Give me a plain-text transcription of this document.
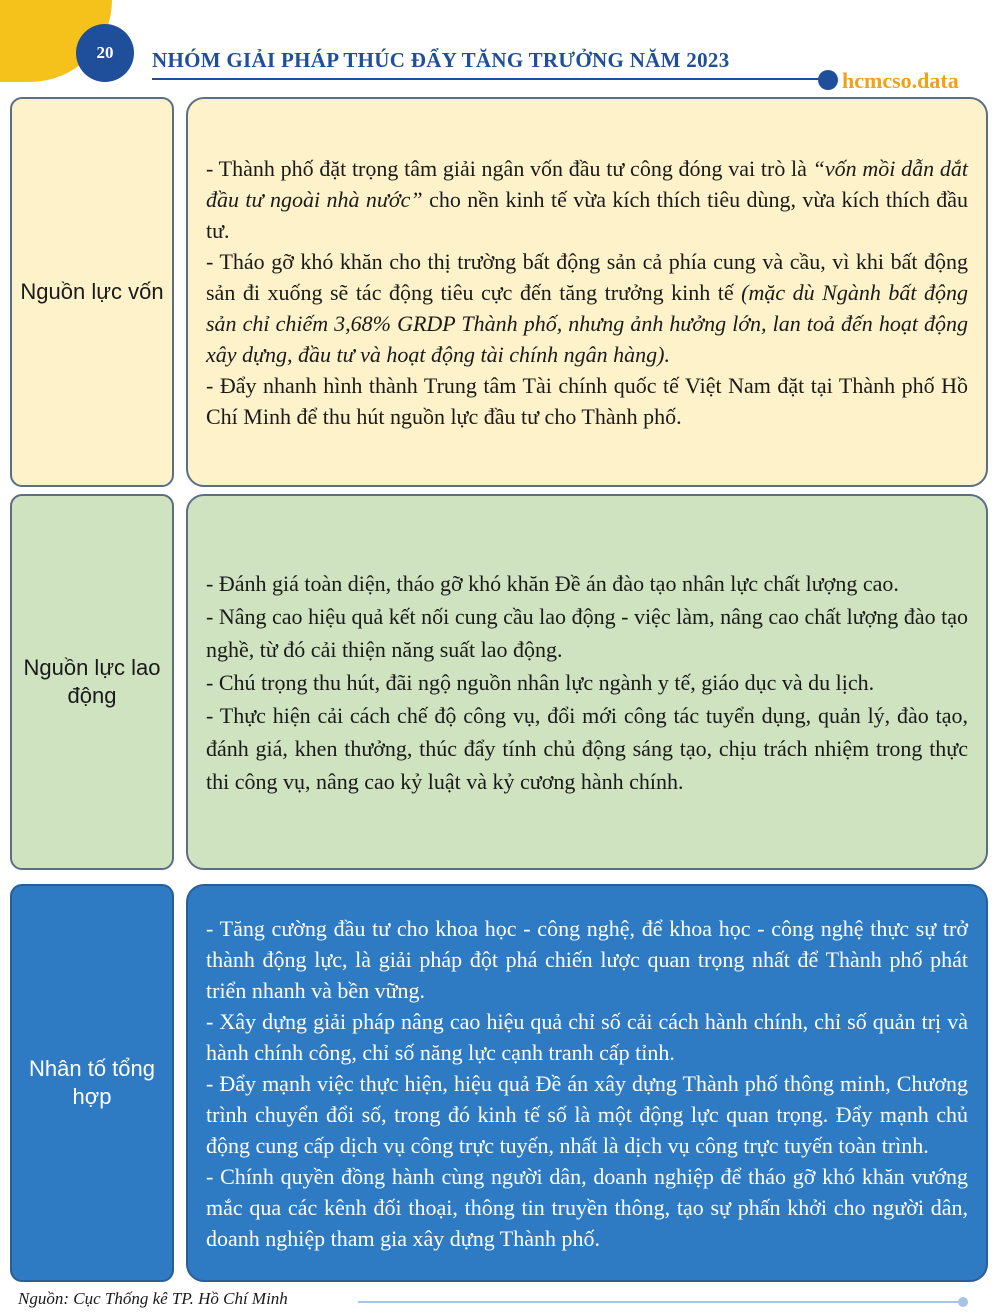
20 NHÓM GIẢI PHÁP THÚC ĐẨY TĂNG TRƯỞNG NĂM 2023
hcmcso.data
Nguồn lực vốn

- Thành phố đặt trọng tâm giải ngân vốn đầu tư công đóng vai trò là “vốn mồi dẫn dắt đầu tư ngoài nhà nước” cho nền kinh tế vừa kích thích tiêu dùng, vừa kích thích đầu tư.

- Tháo gỡ khó khăn cho thị trường bất động sản cả phía cung và cầu, vì khi bất động sản đi xuống sẽ tác động tiêu cực đến tăng trưởng kinh tế (mặc dù Ngành bất động sản chỉ chiếm 3,68% GRDP Thành phố, nhưng ảnh hưởng lớn, lan toả đến hoạt động xây dựng, đầu tư và hoạt động tài chính ngân hàng).

- Đẩy nhanh hình thành Trung tâm Tài chính quốc tế Việt Nam đặt tại Thành phố Hồ Chí Minh để thu hút nguồn lực đầu tư cho Thành phố.

Nguồn lực lao động

- Đánh giá toàn diện, tháo gỡ khó khăn Đề án đào tạo nhân lực chất lượng cao.

- Nâng cao hiệu quả kết nối cung cầu lao động - việc làm, nâng cao chất lượng đào tạo nghề, từ đó cải thiện năng suất lao động.

- Chú trọng thu hút, đãi ngộ nguồn nhân lực ngành y tế, giáo dục và du lịch.

- Thực hiện cải cách chế độ công vụ, đổi mới công tác tuyển dụng, quản lý, đào tạo, đánh giá, khen thưởng, thúc đẩy tính chủ động sáng tạo, chịu trách nhiệm trong thực thi công vụ, nâng cao kỷ luật và kỷ cương hành chính.

Nhân tố tổng hợp

- Tăng cường đầu tư cho khoa học - công nghệ, để khoa học - công nghệ thực sự trở thành động lực, là giải pháp đột phá chiến lược quan trọng nhất để Thành phố phát triển nhanh và bền vững.

- Xây dựng giải pháp nâng cao hiệu quả chỉ số cải cách hành chính, chỉ số quản trị và hành chính công, chỉ số năng lực cạnh tranh cấp tỉnh.

- Đẩy mạnh việc thực hiện, hiệu quả Đề án xây dựng Thành phố thông minh, Chương trình chuyển đổi số, trong đó kinh tế số là một động lực quan trọng. Đẩy mạnh chủ động cung cấp dịch vụ công trực tuyến, nhất là dịch vụ công trực tuyến toàn trình.

- Chính quyền đồng hành cùng người dân, doanh nghiệp để tháo gỡ khó khăn vướng mắc qua các kênh đối thoại, thông tin truyền thông, tạo sự phấn khởi cho người dân, doanh nghiệp tham gia xây dựng Thành phố.

Nguồn: Cục Thống kê TP. Hồ Chí Minh
